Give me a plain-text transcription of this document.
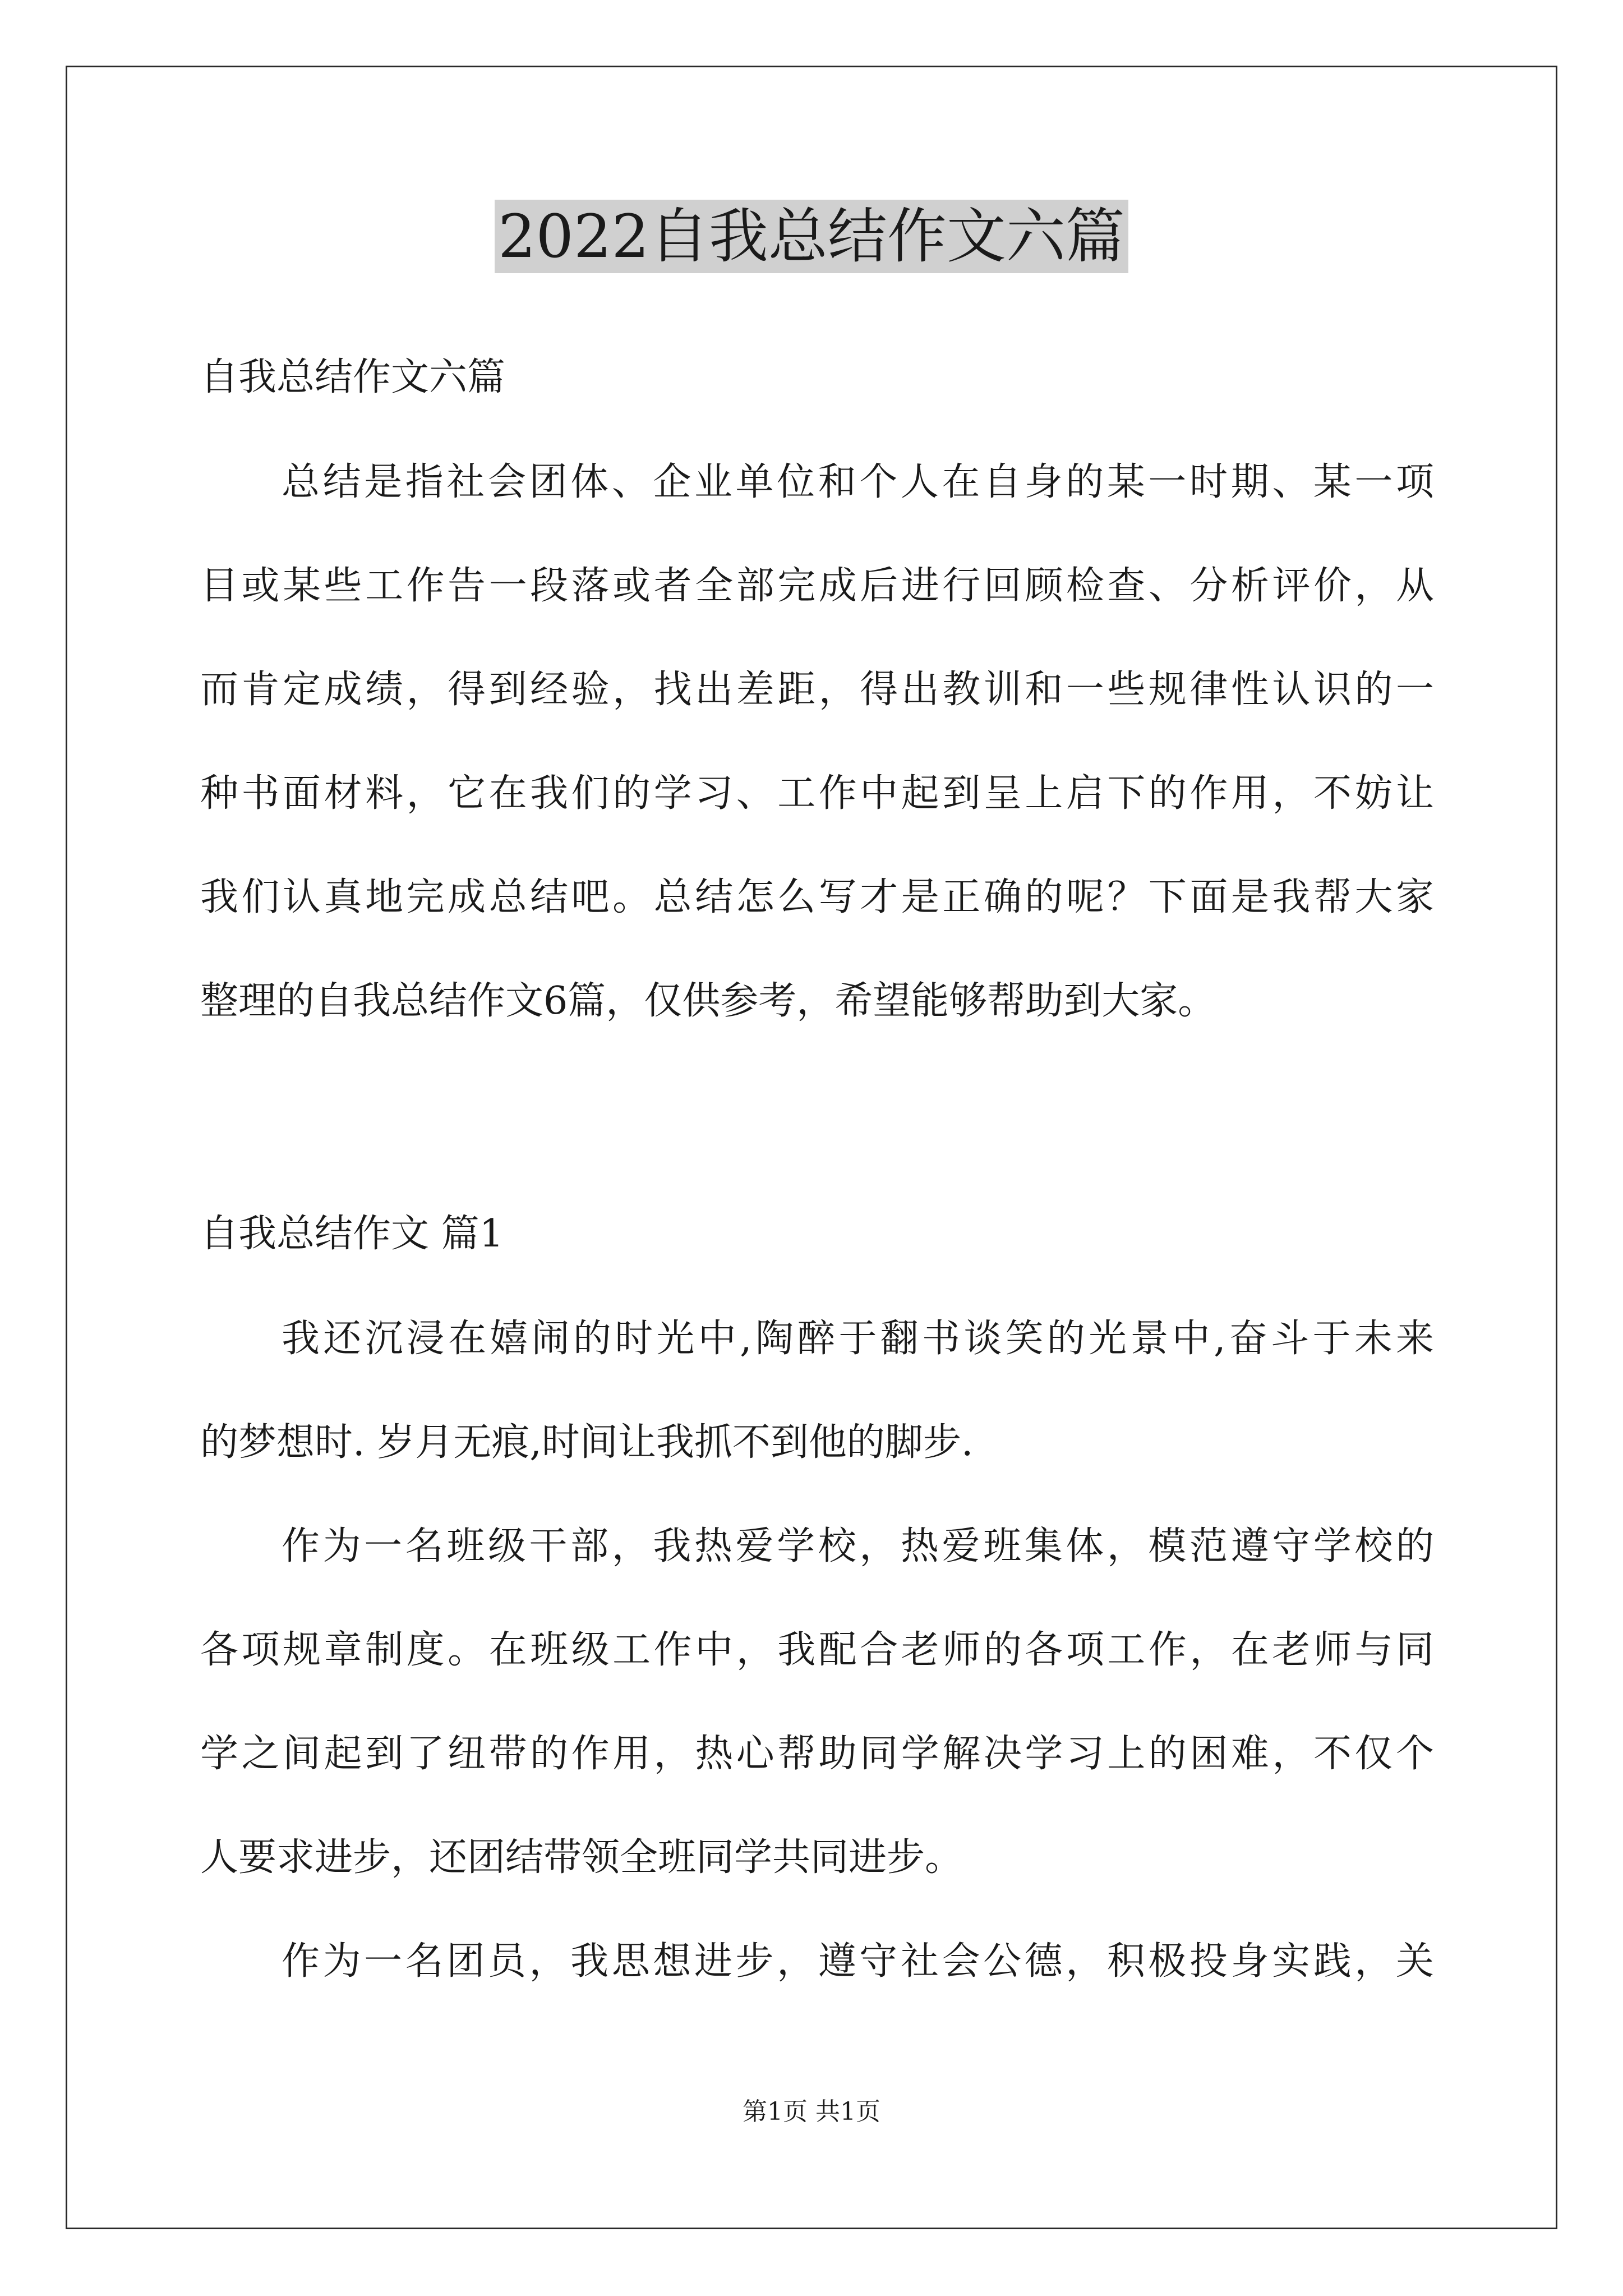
2022自我总结作文六篇
自我总结作文六篇
总结是指社会团体、企业单位和个人在自身的某一时期、某一项
目或某些工作告一段落或者全部完成后进行回顾检查、分析评价，从
而肯定成绩，得到经验，找出差距，得出教训和一些规律性认识的一
种书面材料，它在我们的学习、工作中起到呈上启下的作用，不妨让
我们认真地完成总结吧。总结怎么写才是正确的呢？下面是我帮大家
整理的自我总结作文6篇，仅供参考，希望能够帮助到大家。
自我总结作文 篇1
我还沉浸在嬉闹的时光中,陶醉于翻书谈笑的光景中,奋斗于未来
的梦想时. 岁月无痕,时间让我抓不到他的脚步.
作为一名班级干部，我热爱学校，热爱班集体，模范遵守学校的
各项规章制度。在班级工作中，我配合老师的各项工作，在老师与同
学之间起到了纽带的作用，热心帮助同学解决学习上的困难，不仅个
人要求进步，还团结带领全班同学共同进步。
作为一名团员，我思想进步，遵守社会公德，积极投身实践，关
第1页 共1页
